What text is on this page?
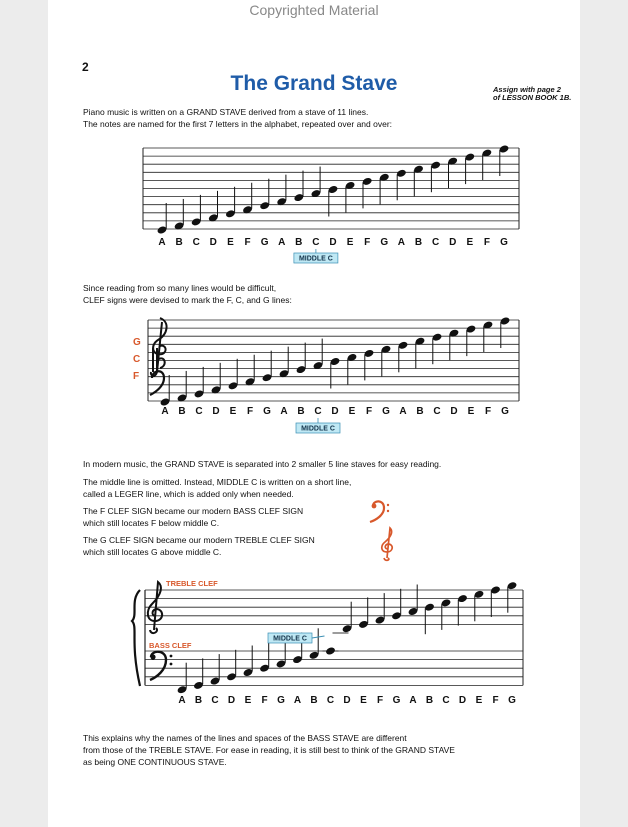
Copyrighted Material
2
The Grand Stave	Assign with page 2
of LESSON BOOK 1B.
Piano music is written on a GRAND STAVE derived from a stave of 11 lines.
The notes are named for the first 7 letters in the alphabet, repeated over and over:
Since reading from so many lines would be difficult,
CLEF signs were devised to mark the F, C, and G lines:
In modern music, the GRAND STAVE is separated into 2 smaller 5 line staves for easy reading.
The middle line is omitted. Instead, MIDDLE C is written on a short line,
called a LEGER line, which is added only when needed.
The F CLEF SIGN became our modern BASS CLEF SIGN
which still locates F below middle C.
The G CLEF SIGN became our modern TREBLE CLEF SIGN
which still locates G above middle C.
This explains why the names of the lines and spaces of the BASS STAVE are different
from those of the TREBLE STAVE. For ease in reading, it is still best to think of the GRAND STAVE
as being ONE CONTINUOUS STAVE.
A B C D E F G A B C D E F G A B C D E F G
MIDDLE C
G
C
F
A B C D E F G A B C D E F G A B C D E F G
MIDDLE C
TREBLE CLEF
BASS CLEF
A B C D E F G A B C D E F G A B C D E F G
MIDDLE C
